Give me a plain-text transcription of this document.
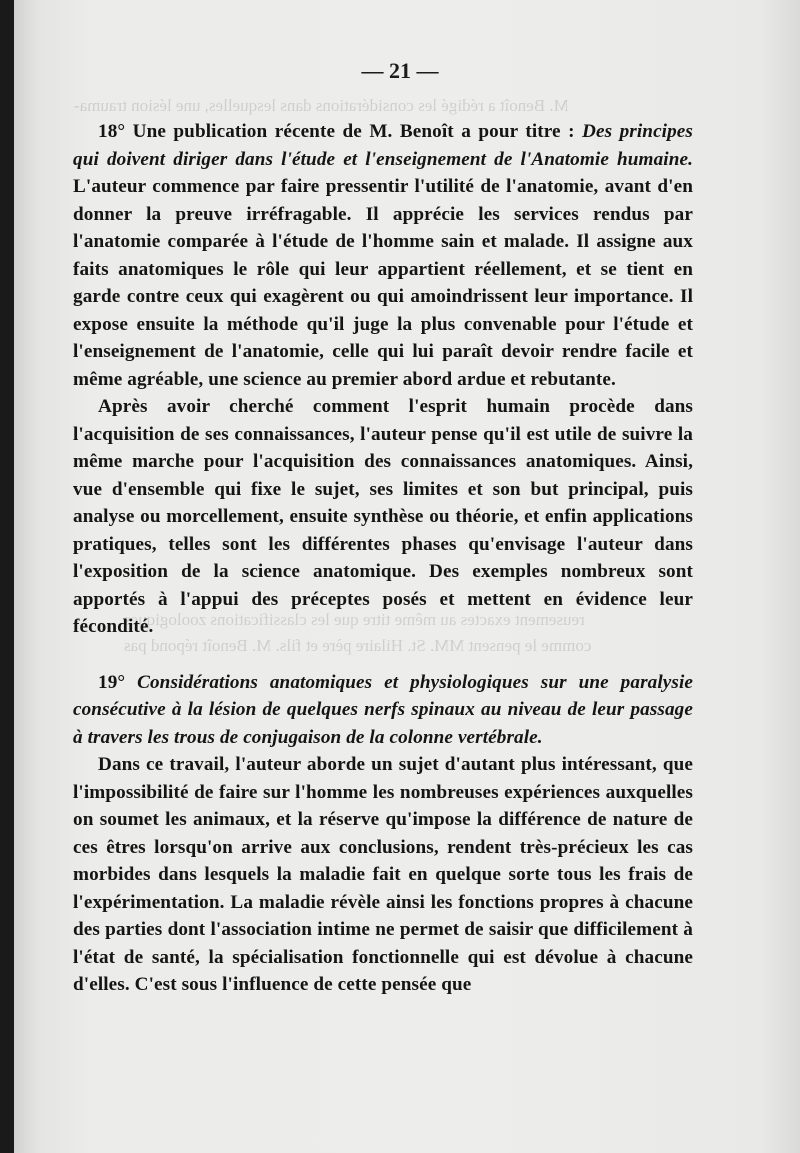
M. Benoît a rédigé les considérations dans lesquelles, une lésion trauma-
reusement exactes au même titre que les classifications zoologiques
comme le pensent MM. St. Hilaire père et fils. M. Benoît répond pas
— 21 —

18° Une publication récente de M. Benoît a pour titre : Des principes qui doivent diriger dans l'étude et l'enseignement de l'Anatomie humaine. L'auteur commence par faire pressentir l'utilité de l'anatomie, avant d'en donner la preuve irréfragable. Il apprécie les services rendus par l'anatomie comparée à l'étude de l'homme sain et malade. Il assigne aux faits anatomiques le rôle qui leur appartient réellement, et se tient en garde contre ceux qui exagèrent ou qui amoindrissent leur importance. Il expose ensuite la méthode qu'il juge la plus convenable pour l'étude et l'enseignement de l'anatomie, celle qui lui paraît devoir rendre facile et même agréable, une science au premier abord ardue et rebutante.

Après avoir cherché comment l'esprit humain procède dans l'acquisition de ses connaissances, l'auteur pense qu'il est utile de suivre la même marche pour l'acquisition des connaissances anatomiques. Ainsi, vue d'ensemble qui fixe le sujet, ses limites et son but principal, puis analyse ou morcellement, ensuite synthèse ou théorie, et enfin applications pratiques, telles sont les différentes phases qu'envisage l'auteur dans l'exposition de la science anatomique. Des exemples nombreux sont apportés à l'appui des préceptes posés et mettent en évidence leur fécondité.

19° Considérations anatomiques et physiologiques sur une paralysie consécutive à la lésion de quelques nerfs spinaux au niveau de leur passage à travers les trous de conjugaison de la colonne vertébrale.

Dans ce travail, l'auteur aborde un sujet d'autant plus intéressant, que l'impossibilité de faire sur l'homme les nombreuses expériences auxquelles on soumet les animaux, et la réserve qu'impose la différence de nature de ces êtres lorsqu'on arrive aux conclusions, rendent très-précieux les cas morbides dans lesquels la maladie fait en quelque sorte tous les frais de l'expérimentation. La maladie révèle ainsi les fonctions propres à chacune des parties dont l'association intime ne permet de saisir que difficilement à l'état de santé, la spécialisation fonctionnelle qui est dévolue à chacune d'elles. C'est sous l'influence de cette pensée que
